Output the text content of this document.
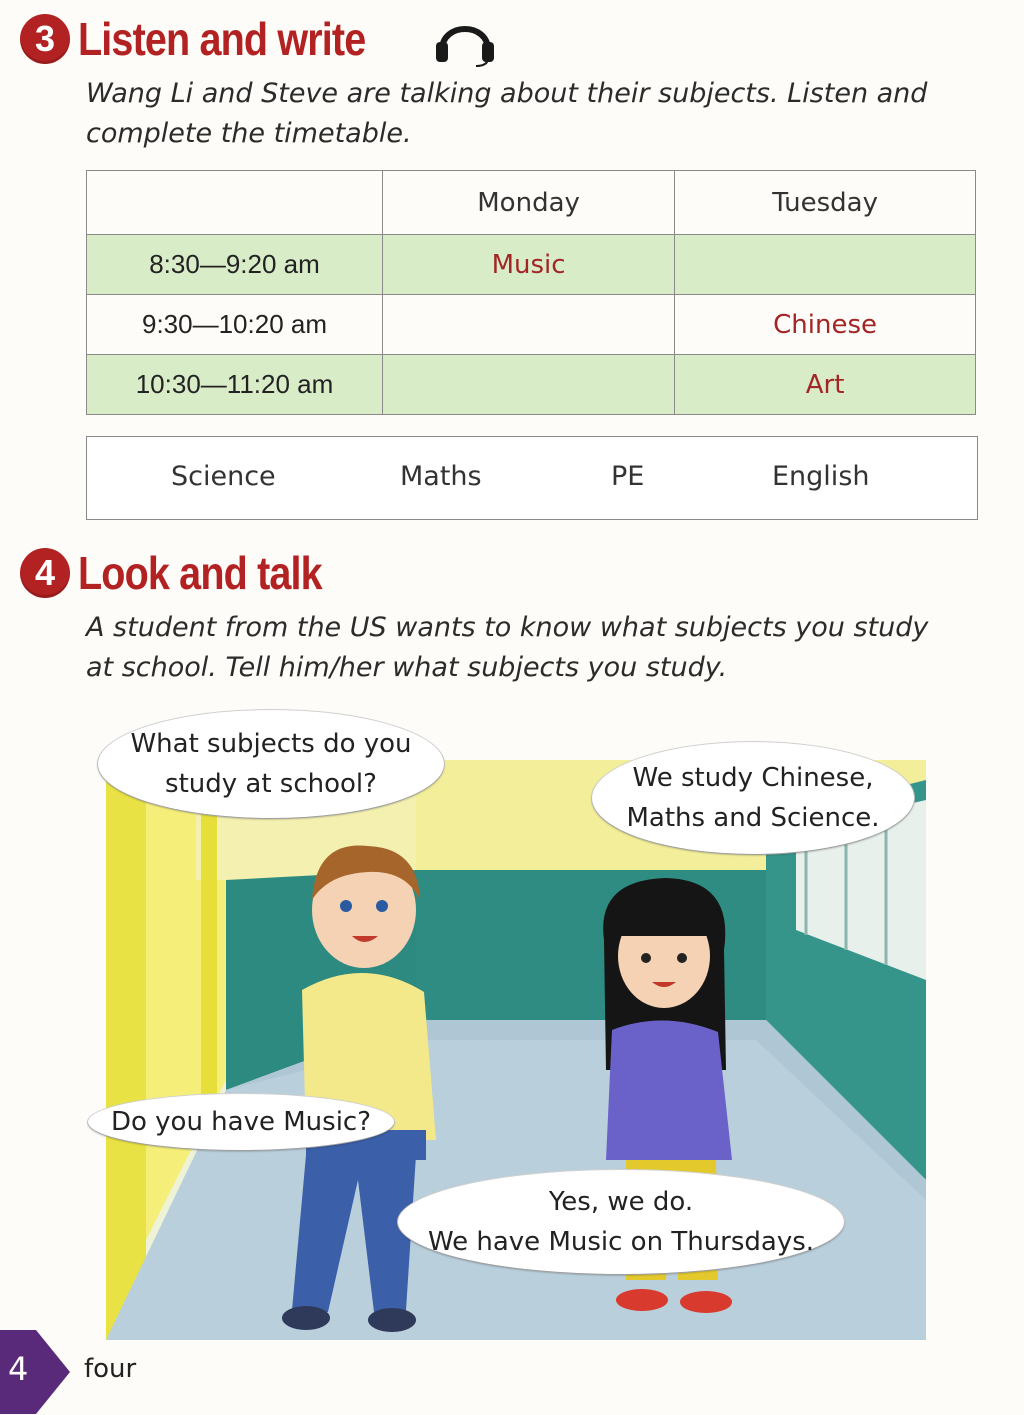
3 Listen and write

Wang Li and Steve are talking about their subjects. Listen and

complete the timetable.

	Monday	Tuesday
8:30—9:20 am	Music	
9:30—10:20 am		Chinese
10:30—11:20 am		Art
Science	Maths	PE	English
4 Look and talk

A student from the US wants to know what subjects you study

at school. Tell him/her what subjects you study.

What subjects do you
study at school?	We study Chinese,
Maths and Science.
Do you have Music?
Yes, we do.
We have Music on Thursdays.
4 four
